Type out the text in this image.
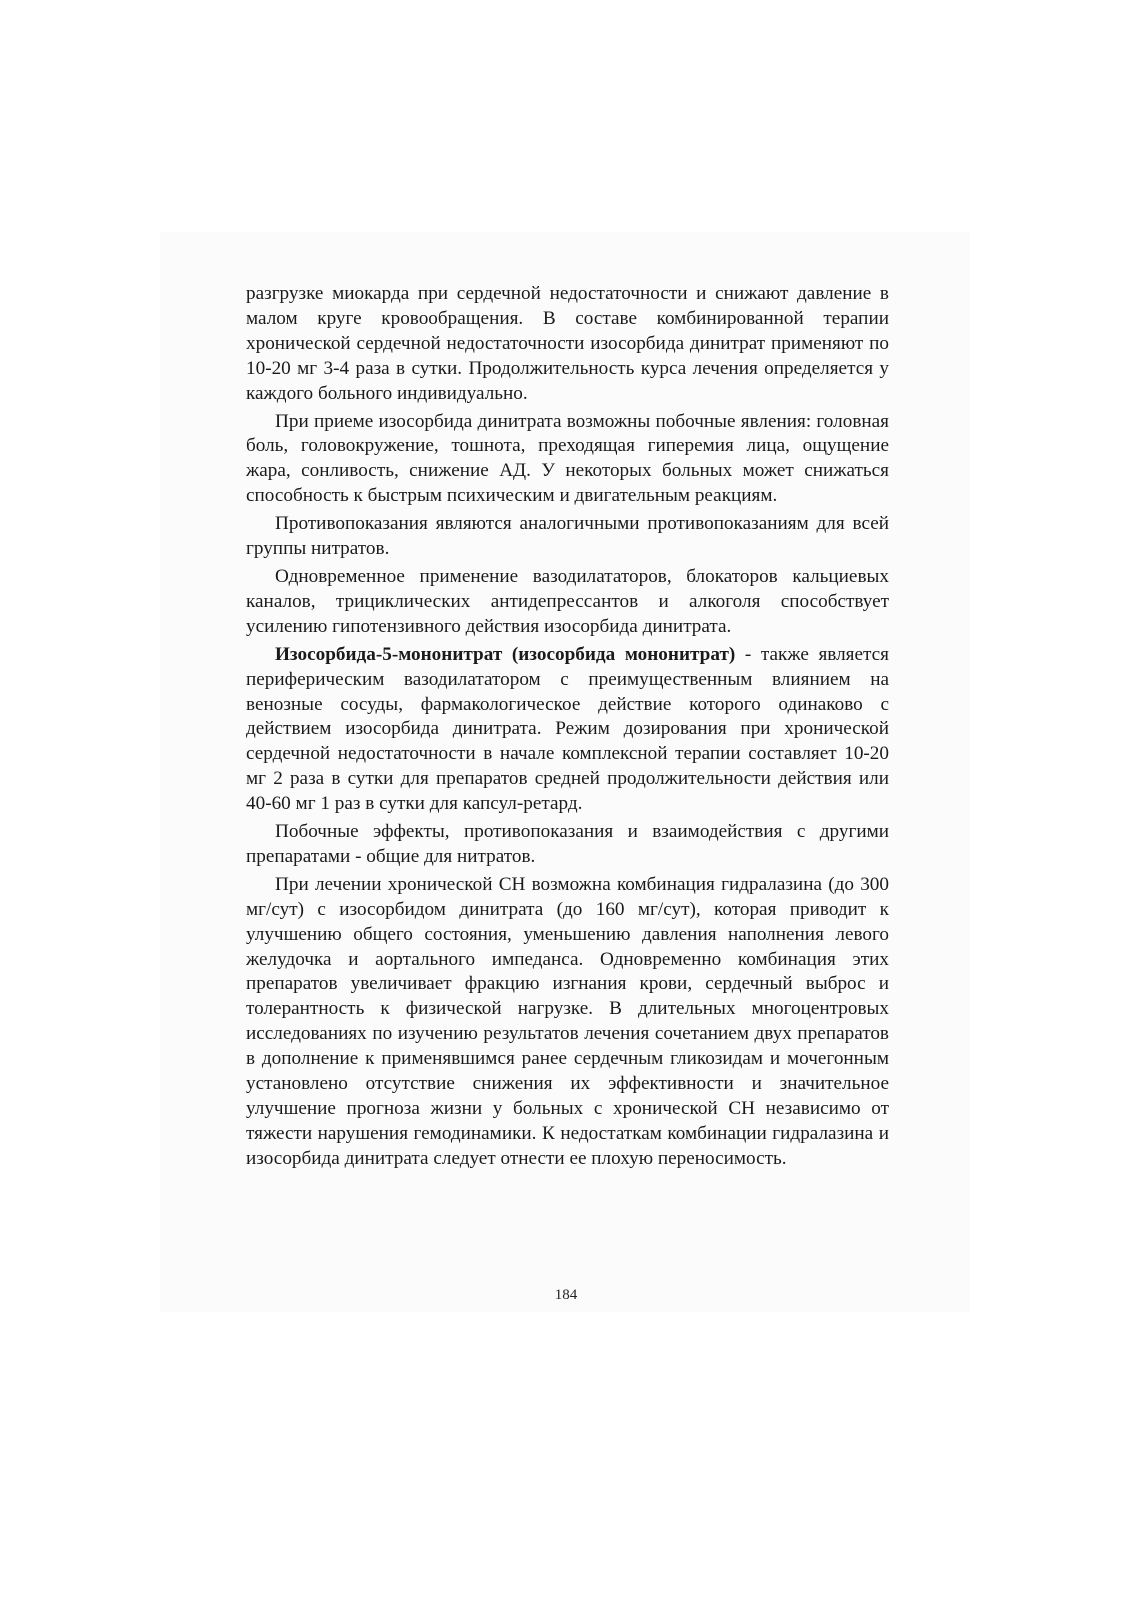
разгрузке миокарда при сердечной недостаточности и снижают давление в малом круге кровообращения. В составе комбинированной терапии хронической сердечной недостаточности изосорбида динитрат применяют по 10-20 мг 3-4 раза в сутки. Продолжительность курса лечения определяется у каждого больного индивидуально.

При приеме изосорбида динитрата возможны побочные явления: головная боль, головокружение, тошнота, преходящая гиперемия лица, ощущение жара, сонливость, снижение АД. У некоторых больных может снижаться способность к быстрым психическим и двигательным реакциям.

Противопоказания являются аналогичными противопоказаниям для всей группы нитратов.

Одновременное применение вазодилататоров, блокаторов кальциевых каналов, трициклических антидепрессантов и алкоголя способствует усилению гипотензивного действия изосорбида динитрата.

Изосорбида-5-мононитрат (изосорбида мононитрат) - также является периферическим вазодилататором с преимущественным влиянием на венозные сосуды, фармакологическое действие которого одинаково с действием изосорбида динитрата. Режим дозирования при хронической сердечной недостаточности в начале комплексной терапии составляет 10-20 мг 2 раза в сутки для препаратов средней продолжительности действия или 40-60 мг 1 раз в сутки для капсул-ретард.

Побочные эффекты, противопоказания и взаимодействия с другими препаратами - общие для нитратов.

При лечении хронической СН возможна комбинация гидралазина (до 300 мг/сут) с изосорбидом динитрата (до 160 мг/сут), которая приводит к улучшению общего состояния, уменьшению давления наполнения левого желудочка и аортального импеданса. Одновременно комбинация этих препаратов увеличивает фракцию изгнания крови, сердечный выброс и толерантность к физической нагрузке. В длительных многоцентровых исследованиях по изучению результатов лечения сочетанием двух препаратов в дополнение к применявшимся ранее сердечным гликозидам и мочегонным установлено отсутствие снижения их эффективности и значительное улучшение прогноза жизни у больных с хронической СН независимо от тяжести нарушения гемодинамики. К недостаткам комбинации гидралазина и изосорбида динитрата следует отнести ее плохую переносимость.

184
